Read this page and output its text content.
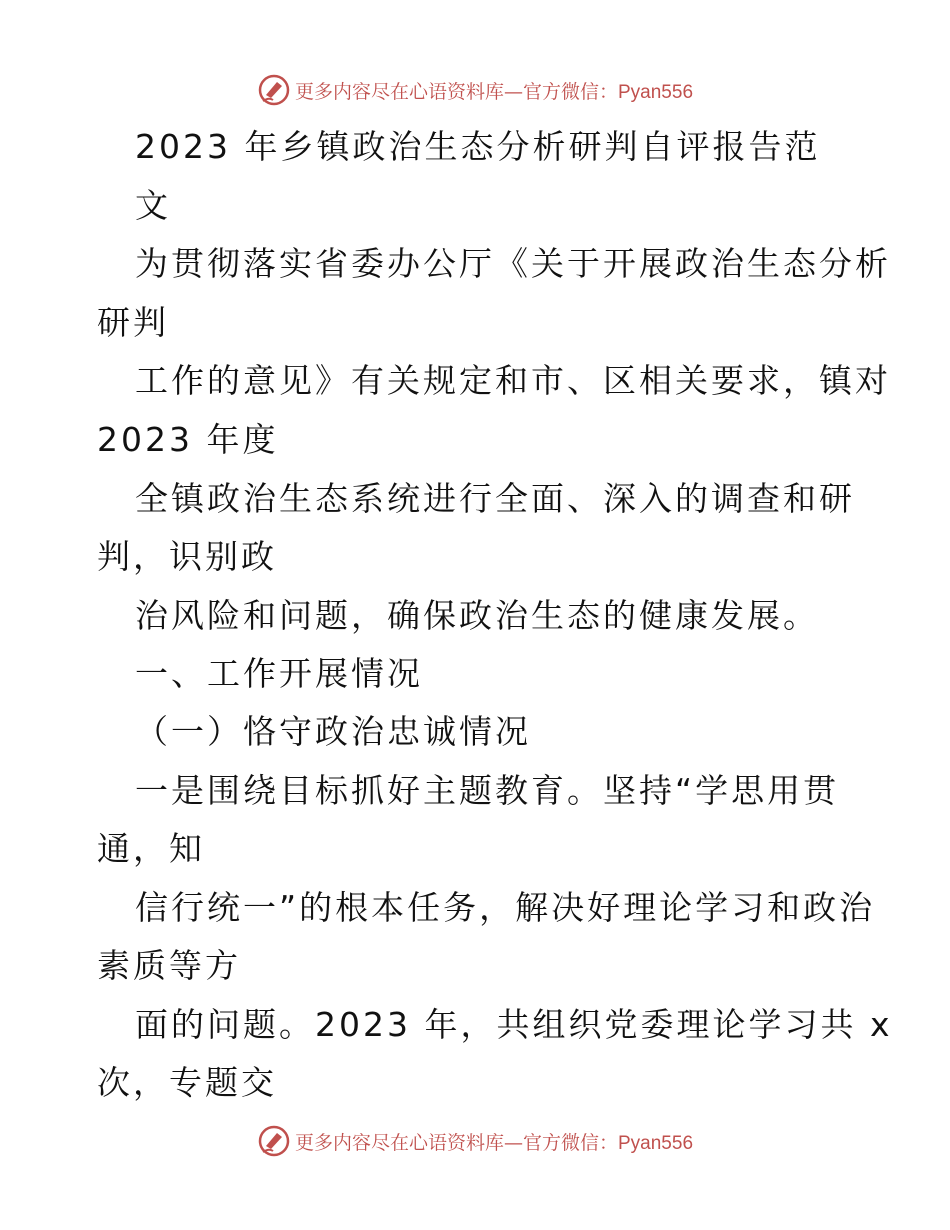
更多内容尽在心语资料库—官方微信：Pyan556

2023 年乡镇政治生态分析研判自评报告范

文

为贯彻落实省委办公厅《关于开展政治生态分析

研判

工作的意见》有关规定和市、区相关要求，镇对

2023 年度

全镇政治生态系统进行全面、深入的调查和研

判，识别政

治风险和问题，确保政治生态的健康发展。

一、工作开展情况

（一）恪守政治忠诚情况

一是围绕目标抓好主题教育。坚持“学思用贯

通，知

信行统一”的根本任务，解决好理论学习和政治

素质等方

面的问题。2023 年，共组织党委理论学习共 x

次，专题交

更多内容尽在心语资料库—官方微信：Pyan556
